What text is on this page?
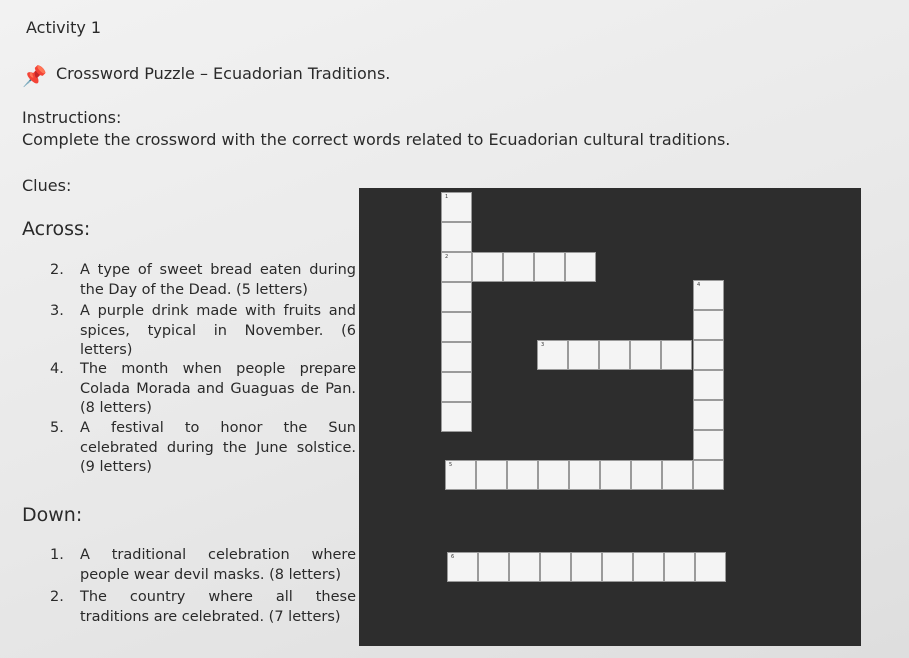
Activity 1
📌 Crossword Puzzle – Ecuadorian Traditions.
Instructions:
Complete the crossword with the correct words related to Ecuadorian cultural traditions.
Clues:
Across:
2. A type of sweet bread eaten during the Day of the Dead. (5 letters)
3. A purple drink made with fruits and spices, typical in November. (6 letters)
4. The month when people prepare Colada Morada and Guaguas de Pan. (8 letters)
5. A festival to honor the Sun celebrated during the June solstice. (9 letters)
Down:
1. A traditional celebration where people wear devil masks. (8 letters)
2. The country where all these traditions are celebrated. (7 letters)
1
2
4
3
5
6
